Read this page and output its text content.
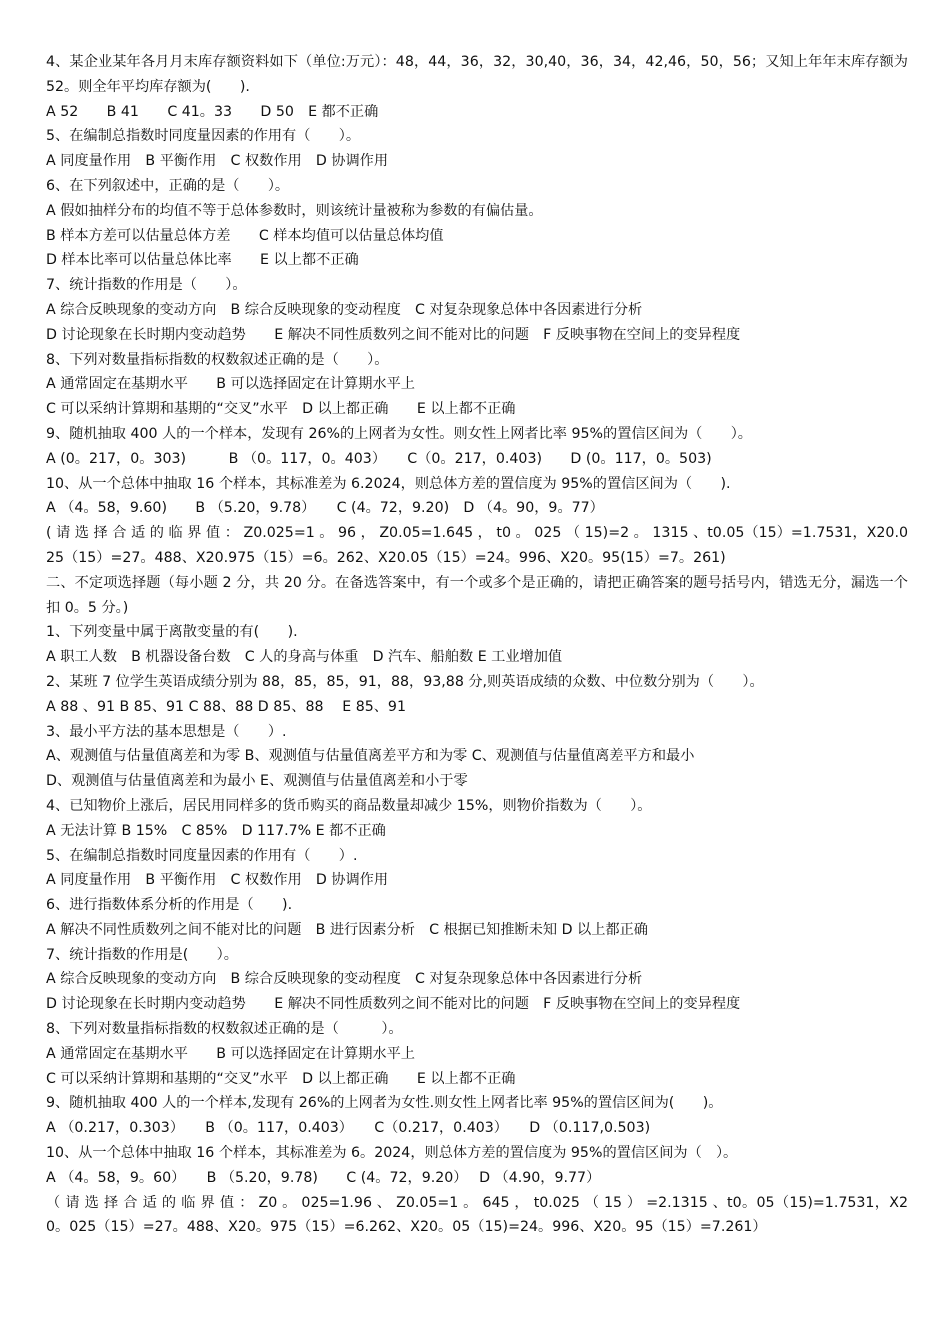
4、某企业某年各月月末库存额资料如下（单位:万元）：48，44，36，32，30,40，36，34，42,46，50，56；又知上年年末库存额为52。则全年平均库存额为(　　).
A 52　　B 41　　C 41。33　　D 50　E 都不正确
5、在编制总指数时同度量因素的作用有（　　）。
A 同度量作用　B 平衡作用　C 权数作用　D 协调作用
6、在下列叙述中，正确的是（　　）。
A 假如抽样分布的均值不等于总体参数时，则该统计量被称为参数的有偏估量。
B 样本方差可以估量总体方差　　C 样本均值可以估量总体均值
D 样本比率可以估量总体比率　　E 以上都不正确
7、统计指数的作用是（　　）。
A 综合反映现象的变动方向　B 综合反映现象的变动程度　C 对复杂现象总体中各因素进行分析
D 讨论现象在长时期内变动趋势　　E 解决不同性质数列之间不能对比的问题　F 反映事物在空间上的变异程度
8、下列对数量指标指数的权数叙述正确的是（　　）。
A 通常固定在基期水平　　B 可以选择固定在计算期水平上
C 可以采纳计算期和基期的“交叉”水平　D 以上都正确　　E 以上都不正确
9、随机抽取 400 人的一个样本，发现有 26%的上网者为女性。则女性上网者比率 95%的置信区间为（　　）。
A (0。217，0。303)　　　B （0。117，0。403）　　C（0。217，0.403)　　D (0。117，0。503)
10、从一个总体中抽取 16 个样本，其标准差为 6.2024，则总体方差的置信度为 95%的置信区间为（　　).
A （4。58，9.60)　　B （5.20，9.78）　　C (4。72，9.20)　D （4。90，9。77）
( 请 选 择 合 适 的 临 界 值 ： Z0.025=1 。 96 ， Z0.05=1.645 ， t0 。 025 （ 15)=2 。 1315 、t0.05（15）=1.7531，X20.025（15）=27。488、X20.975（15）=6。262、X20.05（15）=24。996、X20。95(15）=7。261)
二、不定项选择题（每小题 2 分，共 20 分。在备选答案中，有一个或多个是正确的，请把正确答案的题号括号内，错选无分，漏选一个扣 0。5 分。)
1、下列变量中属于离散变量的有(　　).
A 职工人数　B 机器设备台数　C 人的身高与体重　D 汽车、船舶数 E 工业增加值
2、某班 7 位学生英语成绩分别为 88，85，85，91，88，93,88 分,则英语成绩的众数、中位数分别为（　　）。
A 88 、91 B 85、91 C 88、88 D 85、88　 E 85、91
3、最小平方法的基本思想是（　　）.
A、观测值与估量值离差和为零 B、观测值与估量值离差平方和为零 C、观测值与估量值离差平方和最小
D、观测值与估量值离差和为最小 E、观测值与估量值离差和小于零
4、已知物价上涨后，居民用同样多的货币购买的商品数量却减少 15%，则物价指数为（　　）。
A 无法计算 B 15%　C 85%　D 117.7% E 都不正确
5、在编制总指数时同度量因素的作用有（　　）.
A 同度量作用　B 平衡作用　C 权数作用　D 协调作用
6、进行指数体系分析的作用是（　　).
A 解决不同性质数列之间不能对比的问题　B 进行因素分析　C 根据已知推断未知 D 以上都正确
7、统计指数的作用是(　　）。
A 综合反映现象的变动方向　B 综合反映现象的变动程度　C 对复杂现象总体中各因素进行分析
D 讨论现象在长时期内变动趋势　　E 解决不同性质数列之间不能对比的问题　F 反映事物在空间上的变异程度
8、下列对数量指标指数的权数叙述正确的是（　　　）。
A 通常固定在基期水平　　B 可以选择固定在计算期水平上
C 可以采纳计算期和基期的“交叉”水平　D 以上都正确　　E 以上都不正确
9、随机抽取 400 人的一个样本,发现有 26%的上网者为女性.则女性上网者比率 95%的置信区间为(　　)。
A （0.217，0.303）　　B （0。117，0.403）　　C（0.217，0.403）　　D （0.117,0.503)
10、从一个总体中抽取 16 个样本，其标准差为 6。2024，则总体方差的置信度为 95%的置信区间为（　）。
A （4。58，9。60）　　B （5.20，9.78)　　C (4。72，9.20）　 D （4.90，9.77）
（ 请 选 择 合 适 的 临 界 值 ： Z0 。 025=1.96 、 Z0.05=1 。 645 ， t0.025 （ 15 ） =2.1315 、t0。05（15)=1.7531，X20。025（15）=27。488、X20。975（15）=6.262、X20。05（15)=24。996、X20。95（15）=7.261）
